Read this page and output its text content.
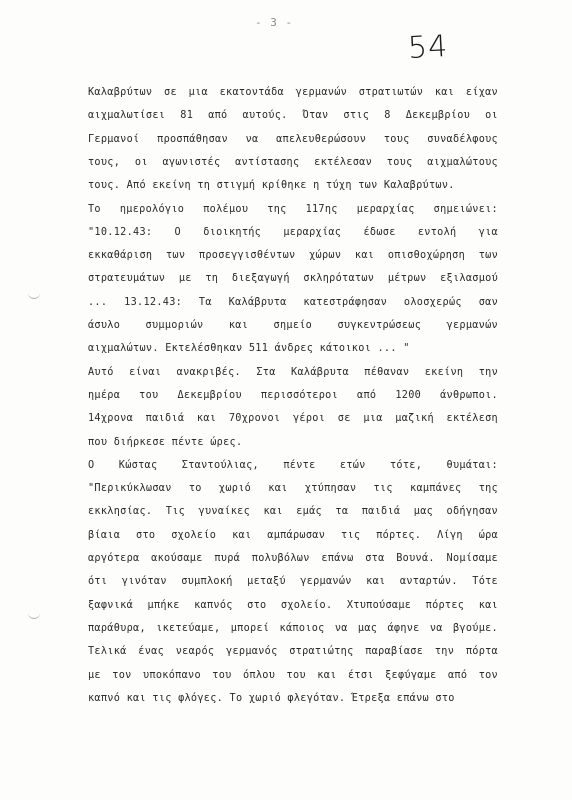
- 3 -
54
Καλαβρύτων σε μια εκατοντάδα γερμανών στρατιωτών και είχαν
αιχμαλωτίσει 81 από αυτούς. Όταν στις 8 Δεκεμβρίου οι
Γερμανοί προσπάθησαν να απελευθερώσουν τους συναδέλφους
τους, οι αγωνιστές αντίστασης εκτέλεσαν τους αιχμαλώτους
τους. Από εκείνη τη στιγμή κρίθηκε η τύχη των Καλαβρύτων.
Το ημερολόγιο πολέμου της 117ης μεραρχίας σημειώνει:
"10.12.43: Ο διοικητής μεραρχίας έδωσε εντολή για
εκκαθάριση των προσεγγισθέντων χώρων και οπισθοχώρηση των
στρατευμάτων με τη διεξαγωγή σκληρότατων μέτρων εξιλασμού
... 13.12.43: Τα Καλάβρυτα κατεστράφησαν ολοσχερώς σαν
άσυλο συμμοριών και σημείο συγκεντρώσεως γερμανών
αιχμαλώτων. Εκτελέσθηκαν 511 άνδρες κάτοικοι ... "
Αυτό είναι ανακριβές. Στα Καλάβρυτα πέθαναν εκείνη την
ημέρα του Δεκεμβρίου περισσότεροι από 1200 άνθρωποι.
14χρονα παιδιά και 70χρονοι γέροι σε μια μαζική εκτέλεση
που διήρκεσε πέντε ώρες.
Ο Κώστας Σταντούλιας, πέντε ετών τότε, θυμάται:
"Περικύκλωσαν το χωριό και χτύπησαν τις καμπάνες της
εκκλησίας. Τις γυναίκες και εμάς τα παιδιά μας οδήγησαν
βίαια στο σχολείο και αμπάρωσαν τις πόρτες. Λίγη ώρα
αργότερα ακούσαμε πυρά πολυβόλων επάνω στα Βουνά. Νομίσαμε
ότι γινόταν συμπλοκή μεταξύ γερμανών και ανταρτών. Τότε
ξαφνικά μπήκε καπνός στο σχολείο. Χτυπούσαμε πόρτες και
παράθυρα, ικετεύαμε, μπορεί κάποιος να μας άφηνε να βγούμε.
Τελικά ένας νεαρός γερμανός στρατιώτης παραβίασε την πόρτα
με τον υποκόπανο του όπλου του και έτσι ξεφύγαμε από τον
καπνό και τις φλόγες. Το χωριό φλεγόταν. Έτρεξα επάνω στο
